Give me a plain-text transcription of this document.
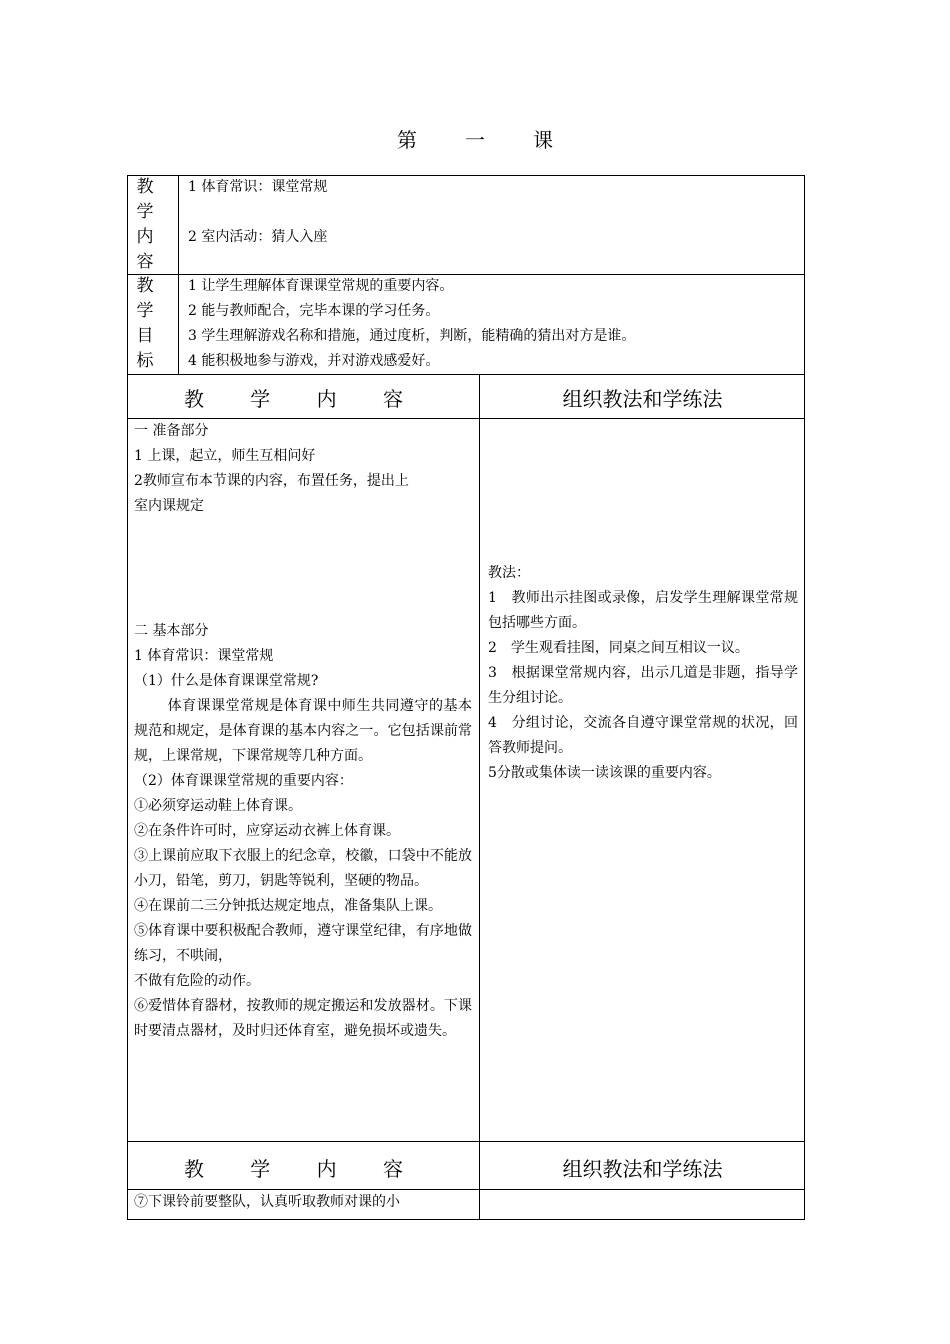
第 一 课
教
学
内
容
1 体育常识：课堂常规
2 室内活动：猜人入座
教
学
目
标

1 让学生理解体育课课堂常规的重要内容。

2 能与教师配合，完毕本课的学习任务。

3 学生理解游戏名称和措施，通过度析，判断，能精确的猜出对方是谁。

4 能积极地参与游戏，并对游戏感爱好。

教 学 内 容	组织教法和学练法

一 准备部分

1 上课，起立，师生互相问好

2教师宣布本节课的内容，布置任务，提出上

室内课规定

二 基本部分

1 体育常识：课堂常规

（1）什么是体育课课堂常规?

体育课课堂常规是体育课中师生共同遵守的基本规范和规定，是体育课的基本内容之一。它包括课前常规，上课常规，下课常规等几种方面。

（2）体育课课堂常规的重要内容：

①必须穿运动鞋上体育课。

②在条件许可时，应穿运动衣裤上体育课。

③上课前应取下衣服上的纪念章，校徽，口袋中不能放小刀，铅笔，剪刀，钥匙等锐利，坚硬的物品。

④在课前二三分钟抵达规定地点，准备集队上课。

⑤体育课中要积极配合教师，遵守课堂纪律，有序地做练习，不哄闹，

不做有危险的动作。

⑥爱惜体育器材，按教师的规定搬运和发放器材。下课时要清点器材，及时归还体育室，避免损坏或遗失。

教法：

1　教师出示挂图或录像，启发学生理解课堂常规包括哪些方面。

2　学生观看挂图，同桌之间互相议一议。

3　根据课堂常规内容，出示几道是非题，指导学生分组讨论。

4　分组讨论，交流各自遵守课堂常规的状况，回答教师提问。

5分散或集体读一读该课的重要内容。

教 学 内 容	组织教法和学练法
⑦下课铃前要整队，认真听取教师对课的小
